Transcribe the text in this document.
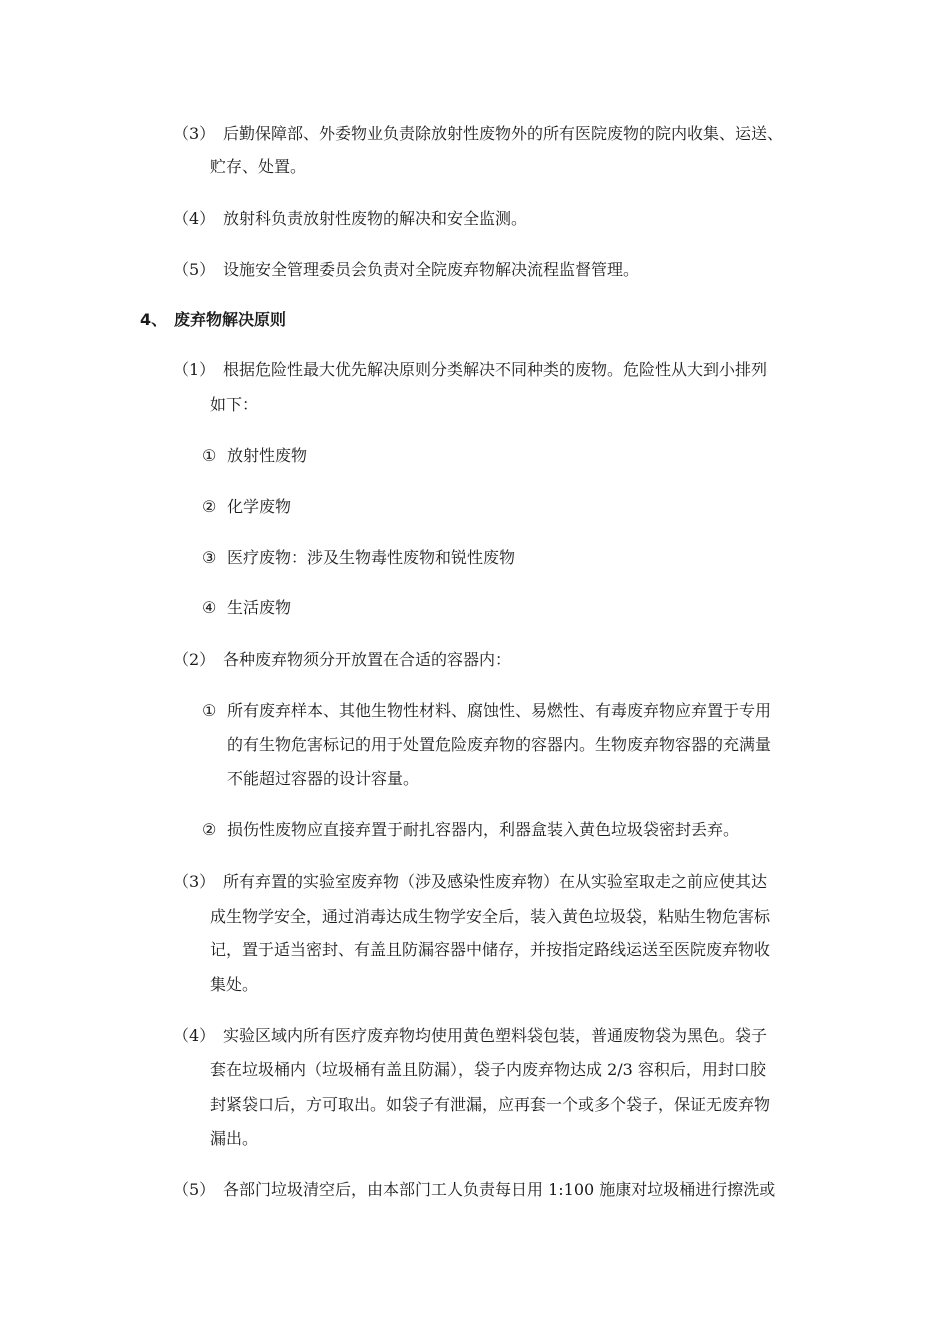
（3） 后勤保障部、外委物业负责除放射性废物外的所有医院废物的院内收集、运送、

贮存、处置。

（4） 放射科负责放射性废物的解决和安全监测。

（5） 设施安全管理委员会负责对全院废弃物解决流程监督管理。

4、 废弃物解决原则

（1） 根据危险性最大优先解决原则分类解决不同种类的废物。危险性从大到小排列

如下：

① 放射性废物

② 化学废物

③ 医疗废物：涉及生物毒性废物和锐性废物

④ 生活废物

（2） 各种废弃物须分开放置在合适的容器内：

① 所有废弃样本、其他生物性材料、腐蚀性、易燃性、有毒废弃物应弃置于专用

的有生物危害标记的用于处置危险废弃物的容器内。生物废弃物容器的充满量

不能超过容器的设计容量。

② 损伤性废物应直接弃置于耐扎容器内，利器盒装入黄色垃圾袋密封丢弃。

（3） 所有弃置的实验室废弃物（涉及感染性废弃物）在从实验室取走之前应使其达

成生物学安全，通过消毒达成生物学安全后，装入黄色垃圾袋，粘贴生物危害标

记，置于适当密封、有盖且防漏容器中储存，并按指定路线运送至医院废弃物收

集处。

（4） 实验区域内所有医疗废弃物均使用黄色塑料袋包装，普通废物袋为黑色。袋子

套在垃圾桶内（垃圾桶有盖且防漏），袋子内废弃物达成 2/3 容积后，用封口胶

封紧袋口后，方可取出。如袋子有泄漏，应再套一个或多个袋子，保证无废弃物

漏出。

（5） 各部门垃圾清空后，由本部门工人负责每日用 1:100 施康对垃圾桶进行擦洗或
